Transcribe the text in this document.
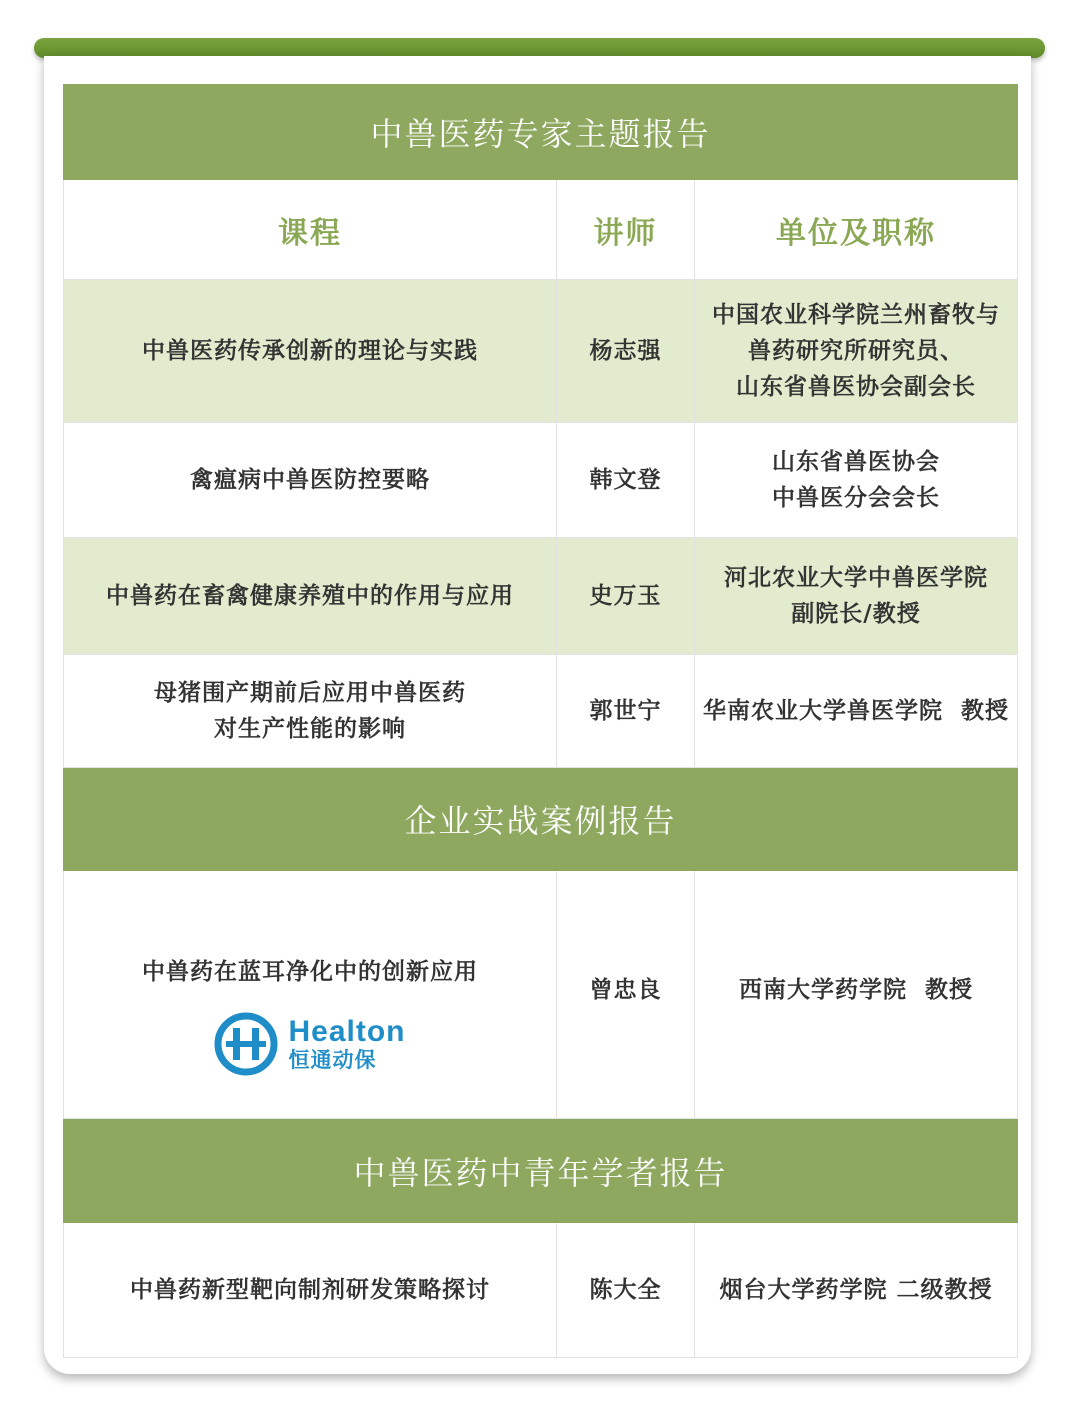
中兽医药专家主题报告		
课程	讲师	单位及职称

中兽医药传承创新的理论与实践	杨志强	中国农业科学院兰州畜牧与
兽药研究所研究员、
山东省兽医协会副会长

禽瘟病中兽医防控要略	韩文登	山东省兽医协会
中兽医分会会长

中兽药在畜禽健康养殖中的作用与应用	史万玉	河北农业大学中兽医学院
副院长/教授

母猪围产期前后应用中兽医药
对生产性能的影响	郭世宁	华南农业大学兽医学院  教授

企业实战案例报告		

中兽药在蓝耳净化中的创新应用
Healton
恒通动保	曾忠良	西南大学药学院  教授

中兽医药中青年学者报告		

中兽药新型靶向制剂研发策略探讨	陈大全	烟台大学药学院 二级教授
